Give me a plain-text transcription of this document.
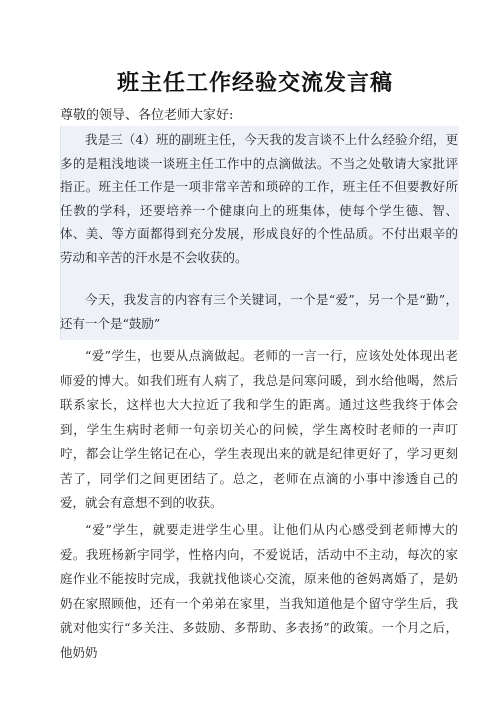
班主任工作经验交流发言稿
尊敬的领导、各位老师大家好:

我是三（4）班的副班主任，今天我的发言谈不上什么经验介绍，更多的是粗浅地谈一谈班主任工作中的点滴做法。不当之处敬请大家批评指正。班主任工作是一项非常辛苦和琐碎的工作，班主任不但要教好所任教的学科，还要培养一个健康向上的班集体，使每个学生德、智、体、美、等方面都得到充分发展，形成良好的个性品质。不付出艰辛的劳动和辛苦的汗水是不会收获的。

今天，我发言的内容有三个关键词，一个是“爱”，另一个是“勤”，还有一个是“鼓励”

“爱”学生，也要从点滴做起。老师的一言一行，应该处处体现出老师爱的博大。如我们班有人病了，我总是问寒问暖，到水给他喝，然后联系家长，这样也大大拉近了我和学生的距离。通过这些我终于体会到，学生生病时老师一句亲切关心的问候，学生离校时老师的一声叮咛，都会让学生铭记在心，学生表现出来的就是纪律更好了，学习更刻苦了，同学们之间更团结了。总之，老师在点滴的小事中渗透自己的爱，就会有意想不到的收获。

“爱”学生，就要走进学生心里。让他们从内心感受到老师博大的爱。我班杨新宇同学，性格内向，不爱说话，活动中不主动，每次的家庭作业不能按时完成，我就找他谈心交流，原来他的爸妈离婚了，是奶奶在家照顾他，还有一个弟弟在家里，当我知道他是个留守学生后，我就对他实行“多关注、多鼓励、多帮助、多表扬”的政策。一个月之后，他奶奶
